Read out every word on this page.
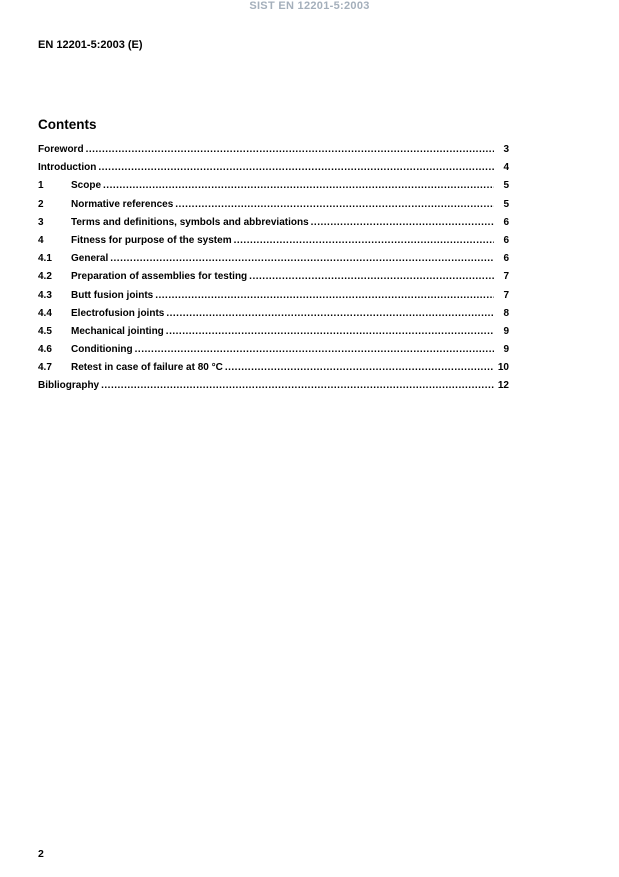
SIST EN 12201-5:2003
EN 12201-5:2003 (E)
Contents
Foreword .....	3
Introduction .....	4
1	Scope .....	5
2	Normative references .....	5
3	Terms and definitions, symbols and abbreviations .....	6
4	Fitness for purpose of the system .....	6
4.1	General .....	6
4.2	Preparation of assemblies for testing .....	7
4.3	Butt fusion joints .....	7
4.4	Electrofusion joints .....	8
4.5	Mechanical jointing .....	9
4.6	Conditioning .....	9
4.7	Retest in case of failure at 80 °C .....	10
Bibliography .....	12
2
